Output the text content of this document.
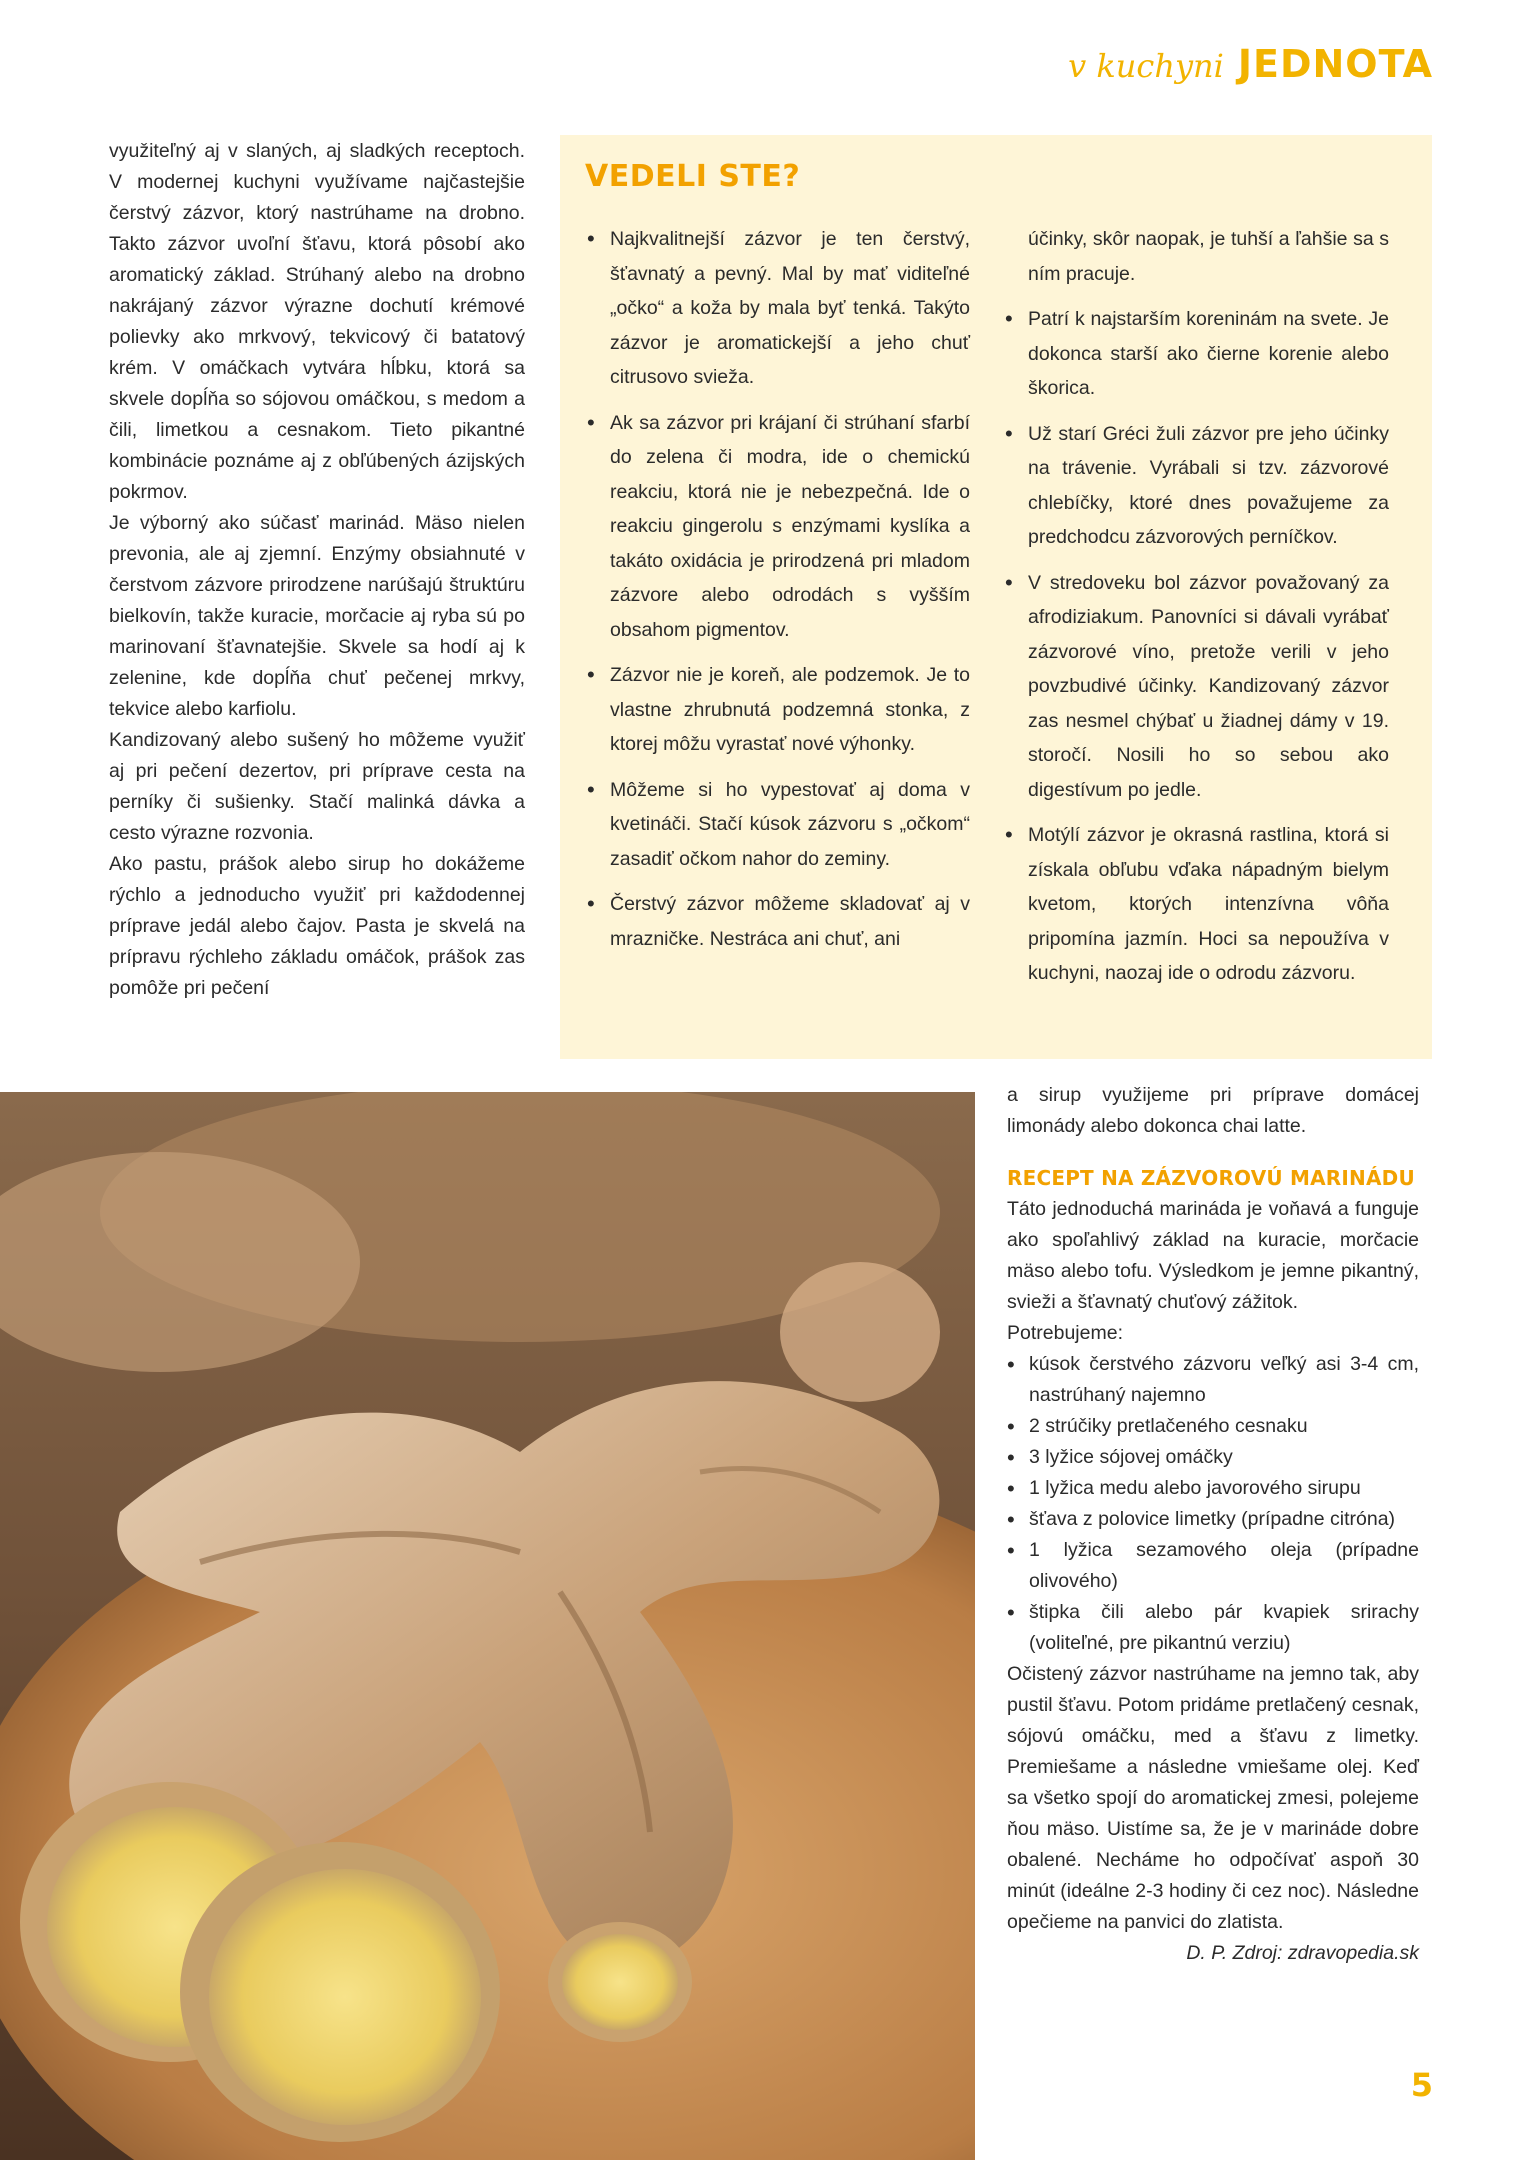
v kuchyni JEDNOTA

využiteľný aj v slaných, aj sladkých receptoch. V modernej kuchyni využívame najčastejšie čerstvý zázvor, ktorý nastrúhame na drobno. Takto zázvor uvoľní šťavu, ktorá pôsobí ako aromatický základ. Strúhaný alebo na drobno nakrájaný zázvor výrazne dochutí krémové polievky ako mrkvový, tekvicový či batatový krém. V omáčkach vytvára hĺbku, ktorá sa skvele dopĺňa so sójovou omáčkou, s medom a čili, limetkou a cesnakom. Tieto pikantné kombinácie poznáme aj z obľúbených ázijských pokrmov.

Je výborný ako súčasť marinád. Mäso nielen prevonia, ale aj zjemní. Enzýmy obsiahnuté v čerstvom zázvore prirodzene narúšajú štruktúru bielkovín, takže kuracie, morčacie aj ryba sú po marinovaní šťavnatejšie. Skvele sa hodí aj k zelenine, kde dopĺňa chuť pečenej mrkvy, tekvice alebo karfiolu.

Kandizovaný alebo sušený ho môžeme využiť aj pri pečení dezertov, pri príprave cesta na perníky či sušienky. Stačí malinká dávka a cesto výrazne rozvonia.

Ako pastu, prášok alebo sirup ho dokážeme rýchlo a jednoducho využiť pri každodennej príprave jedál alebo čajov. Pasta je skvelá na prípravu rýchleho základu omáčok, prášok zas pomôže pri pečení

VEDELI STE?
• Najkvalitnejší zázvor je ten čerstvý, šťavnatý a pevný. Mal by mať viditeľné „očko“ a koža by mala byť tenká. Takýto zázvor je aromatickejší a jeho chuť citrusovo svieža.
• Ak sa zázvor pri krájaní či strúhaní sfarbí do zelena či modra, ide o chemickú reakciu, ktorá nie je nebezpečná. Ide o reakciu gingerolu s enzýmami kyslíka a takáto oxidácia je prirodzená pri mladom zázvore alebo odrodách s vyšším obsahom pigmentov.
• Zázvor nie je koreň, ale podzemok. Je to vlastne zhrubnutá podzemná stonka, z ktorej môžu vyrastať nové výhonky.
• Môžeme si ho vypestovať aj doma v kvetináči. Stačí kúsok zázvoru s „očkom“ zasadiť očkom nahor do zeminy.
• Čerstvý zázvor môžeme skladovať aj v mrazničke. Nestráca ani chuť, ani
účinky, skôr naopak, je tuhší a ľahšie sa s ním pracuje.
• Patrí k najstarším koreninám na svete. Je dokonca starší ako čierne korenie alebo škorica.
• Už starí Gréci žuli zázvor pre jeho účinky na trávenie. Vyrábali si tzv. zázvorové chlebíčky, ktoré dnes považujeme za predchodcu zázvorových perníčkov.
• V stredoveku bol zázvor považovaný za afrodiziakum. Panovníci si dávali vyrábať zázvorové víno, pretože verili v jeho povzbudivé účinky. Kandizovaný zázvor zas nesmel chýbať u žiadnej dámy v 19. storočí. Nosili ho so sebou ako digestívum po jedle.
• Motýlí zázvor je okrasná rastlina, ktorá si získala obľubu vďaka nápadným bielym kvetom, ktorých intenzívna vôňa pripomína jazmín. Hoci sa nepoužíva v kuchyni, naozaj ide o odrodu zázvoru.

a sirup využijeme pri príprave domácej limonády alebo dokonca chai latte.

RECEPT NA ZÁZVOROVÚ MARINÁDU

Táto jednoduchá marináda je voňavá a funguje ako spoľahlivý základ na kuracie, morčacie mäso alebo tofu. Výsledkom je jemne pikantný, svieži a šťavnatý chuťový zážitok.

Potrebujeme:

• kúsok čerstvého zázvoru veľký asi 3-4 cm, nastrúhaný najemno
• 2 strúčiky pretlačeného cesnaku
• 3 lyžice sójovej omáčky
• 1 lyžica medu alebo javorového sirupu
• šťava z polovice limetky (prípadne citróna)
• 1 lyžica sezamového oleja (prípadne olivového)
• štipka čili alebo pár kvapiek srirachy (voliteľné, pre pikantnú verziu)

Očistený zázvor nastrúhame na jemno tak, aby pustil šťavu. Potom pridáme pretlačený cesnak, sójovú omáčku, med a šťavu z limetky. Premiešame a následne vmiešame olej. Keď sa všetko spojí do aromatickej zmesi, polejeme ňou mäso. Uistíme sa, že je v marináde dobre obalené. Necháme ho odpočívať aspoň 30 minút (ideálne 2-3 hodiny či cez noc). Následne opečieme na panvici do zlatista.

D. P. Zdroj: zdravopedia.sk

5
